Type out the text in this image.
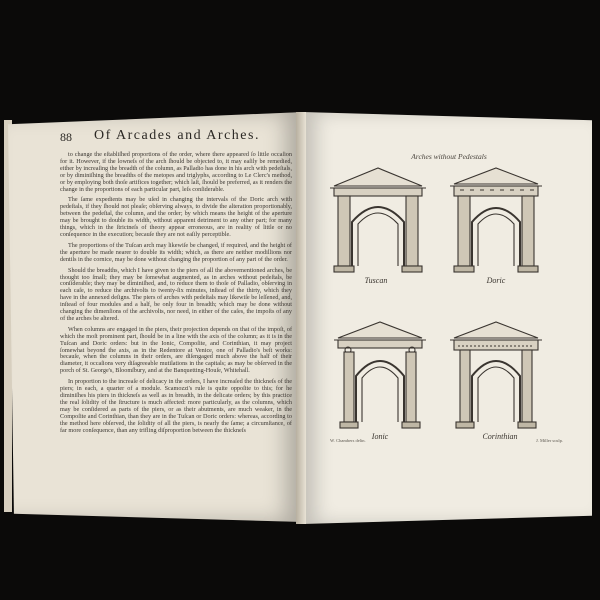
88 Of Arcades and Arches.

to change the eſtabliſhed proportions of the order, where there appeared ſo little occaſion for it. However, if the lowneſs of the arch ſhould be objected to, it may eaſily be remedied, either by increaſing the breadth of the column, as Palladio has done in his arch with pedeſtals, or by diminiſhing the breadths of the metopes and triglyphs, according to Le Clerc's method, or by employing both thoſe artifices together; which laſt, ſhould be preferred, as it renders the change in the proportions of each particular part, leſs conſiderable.

The ſame expedients may be uſed in changing the intervals of the Doric arch with pedeſtals, if they ſhould not pleaſe; obſerving always, to divide the alteration proportionably, between the pedeſtal, the column, and the order; by which means the height of the aperture may be brought to double its width, without apparent detriment to any other part; for many things, which in the ſtrictneſs of theory appear erroneous, are in reality of little or no conſequence in the execution; becauſe they are not eaſily perceptible.

The proportions of the Tuſcan arch may likewiſe be changed, if required, and the height of the aperture be made nearer to double its width; which, as there are neither modillions nor dentils in the cornice, may be done without changing the proportion of any part of the order.

Should the breadths, which I have given to the piers of all the abovementioned arches, be thought too ſmall; they may be ſomewhat augmented, as in arches without pedeſtals, be conſiderable; they may be diminiſhed, and, to reduce them to thoſe of Palladio, obſerving in each caſe, to reduce the archivolts to twenty-ſix minutes, inſtead of the thirty, which they have in the annexed deſigns. The piers of arches with pedeſtals may likewiſe be leſſened, and, inſtead of four modules and a half, be only four in breadth; which may be done without changing the dimenſions of the archivolts, nor need, in either of the caſes, the impoſts of any of the arches be altered.

When columns are engaged in the piers, their projection depends on that of the impoſt, of which the moſt prominent part, ſhould be in a line with the axis of the column; as it is in the Tuſcan and Doric orders: but in the Ionic, Compoſite, and Corinthian, it may project ſomewhat beyond the axis, as in the Redentore at Venice, one of Palladio's beſt works: becauſe, when the columns in their orders, are diſengaged much above the half of their diameter, it occaſions very diſagreeable mutilations in the capitals; as may be obſerved in the porch of St. George's, Bloomſbury, and at the Banquetting-Houſe, Whitehall.

In proportion to the increaſe of delicacy in the orders, I have increaſed the thickneſs of the piers; in each, a quarter of a module. Scamozzi's rule is quite oppoſite to this; for he diminiſhes his piers in thickneſs as well as in breadth, in the delicate orders; by this practice the real ſolidity of the ſtructure is much affected: more particularly, as the columns, which may be conſidered as parts of the piers, or as their abutments, are much weaker, in the Compoſite and Corinthian, than they are in the Tuſcan or Doric orders: whereas, according to the method here obſerved, the ſolidity of all the piers, is nearly the ſame; a circumſtance, of far more conſequence, than any trifling diſproportion between the thickneſs

Arches without Pedestals
Tuscan	Doric
Ionic	Corinthian
W. Chambers delin.	J. Miller sculp.
